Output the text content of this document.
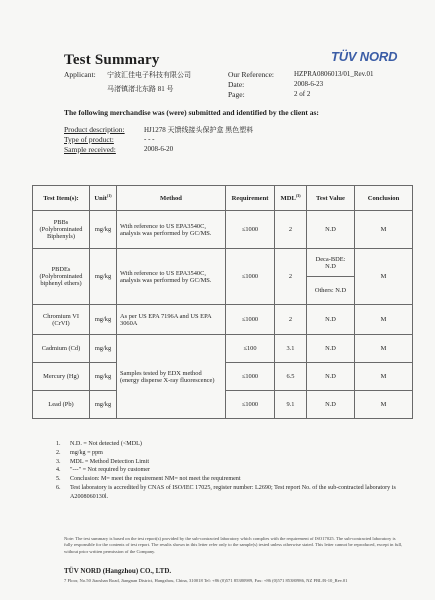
Test Summary	TÜV NORD
Applicant: 宁波汇佳电子科技有限公司
马渚镇渚北东路 81 号
Our Reference:	HZPRA0806013/01_Rev.01
Date:	2008-6-23
Page:	2 of 2
The following merchandise was (were) submitted and identified by the client as:
Product description:	HJ1278 天馈线接头保护盒 黑色塑料
Type of product:	- - -
Sample received:	2008-6-20
Test Item(s):	Unit$^{(1)}$	Method	Requirement	MDL$^{(3)}$	Test Value	Conclusion
PBBs (Polybrominated Biphenyls)	mg/kg	With reference to US EPA3540C, analysis was performed by GC/MS.	≤1000	2	N.D	M
PBDEs (Polybrominated biphenyl ethers)	mg/kg	With reference to US EPA3540C, analysis was performed by GC/MS.	≤1000	2	Deca-BDE: N.D	M
					Others: N.D	
Chromium VI (CrVI)	mg/kg	As per US EPA 7196A and US EPA 3060A	≤1000	2	N.D	M
Cadmium (Cd)	mg/kg	Samples tested by EDX method (energy disperse X-ray fluorescence)	≤100	3.1	N.D	M
Mercury (Hg)	mg/kg		≤1000	6.5	N.D	M
Lead (Pb)	mg/kg		≤1000	9.1	N.D	M
1.	N.D. = Not detected (<MDL)
2.	mg/kg = ppm
3.	MDL = Method Detection Limit
4.	"---" = Not required by customer
5.	Conclusion: M= meet the requirement NM= not meet the requirement
6.	Test laboratory is accredited by CNAS of ISO/IEC 17025, register number: L2690; Test report No. of the sub-contracted laboratory is A2008060130l.
Note: The test summary is based on the test report(s) provided by the sub-contracted laboratory which complies with the requirement of ISO17025. The sub-contracted laboratory is fully responsible for the contents of test report. The results shown in this letter refer only to the sample(s) tested unless otherwise stated. This letter cannot be reproduced, except in full, without prior written permission of the Company.
TÜV NORD (Hangzhou) CO., LTD.
7 Floor, No.50 Jiaoshan Road, Jiangnan District, Hangzhou, China, 310018 Tel: +86 (0)571 85380989, Fax: +86 (0)571 85380986, NZ FBL/R-10_Rev.01
